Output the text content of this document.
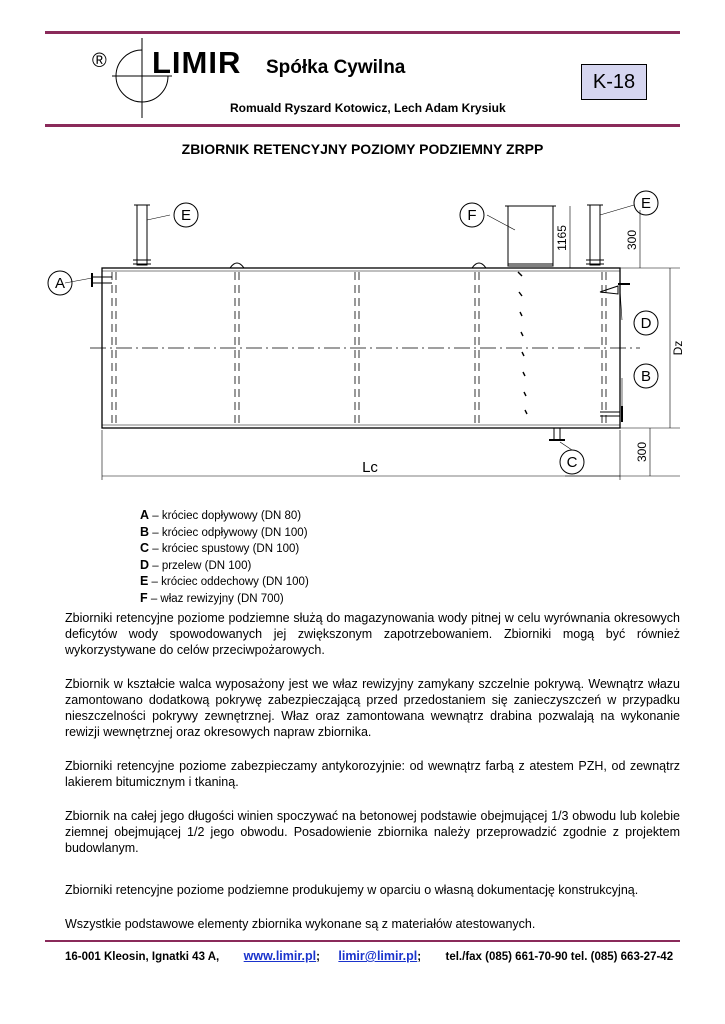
® LIMIR Spółka Cywilna
Romuald Ryszard Kotowicz, Lech Adam Krysiuk
K-18
ZBIORNIK RETENCYJNY POZIOMY PODZIEMNY ZRPP
A
E	F
E
D
B
C
Lc
1165	300
Dz
300
A – króciec dopływowy (DN 80)
B – króciec odpływowy (DN 100)
C – króciec spustowy (DN 100)
D – przelew (DN 100)
E – króciec oddechowy (DN 100)
F – właz rewizyjny (DN 700)

Zbiorniki retencyjne poziome podziemne służą do magazynowania wody pitnej w celu wyrównania okresowych deficytów wody spowodowanych jej zwiększonym zapotrzebowaniem. Zbiorniki mogą być również wykorzystywane do celów przeciwpożarowych.

Zbiornik w kształcie walca wyposażony jest we właz rewizyjny zamykany szczelnie pokrywą. Wewnątrz włazu zamontowano dodatkową pokrywę zabezpieczającą przed przedostaniem się zanieczyszczeń w przypadku nieszczelności pokrywy zewnętrznej. Właz oraz zamontowana wewnątrz drabina pozwalają na wykonanie rewizji wewnętrznej oraz okresowych napraw zbiornika.

Zbiorniki retencyjne poziome zabezpieczamy antykorozyjnie: od wewnątrz farbą z atestem PZH, od zewnątrz lakierem bitumicznym i tkaniną.

Zbiornik na całej jego długości winien spoczywać na betonowej podstawie obejmującej 1/3 obwodu lub kolebie ziemnej obejmującej 1/2 jego obwodu. Posadowienie zbiornika należy przeprowadzić zgodnie z projektem budowlanym.

Zbiorniki retencyjne poziome podziemne produkujemy w oparciu o własną dokumentację konstrukcyjną.

Wszystkie podstawowe elementy zbiornika wykonane są z materiałów atestowanych.

16-001 Kleosin, Ignatki 43 A, www.limir.pl; limir@limir.pl; tel./fax (085) 661-70-90 tel. (085) 663-27-42
